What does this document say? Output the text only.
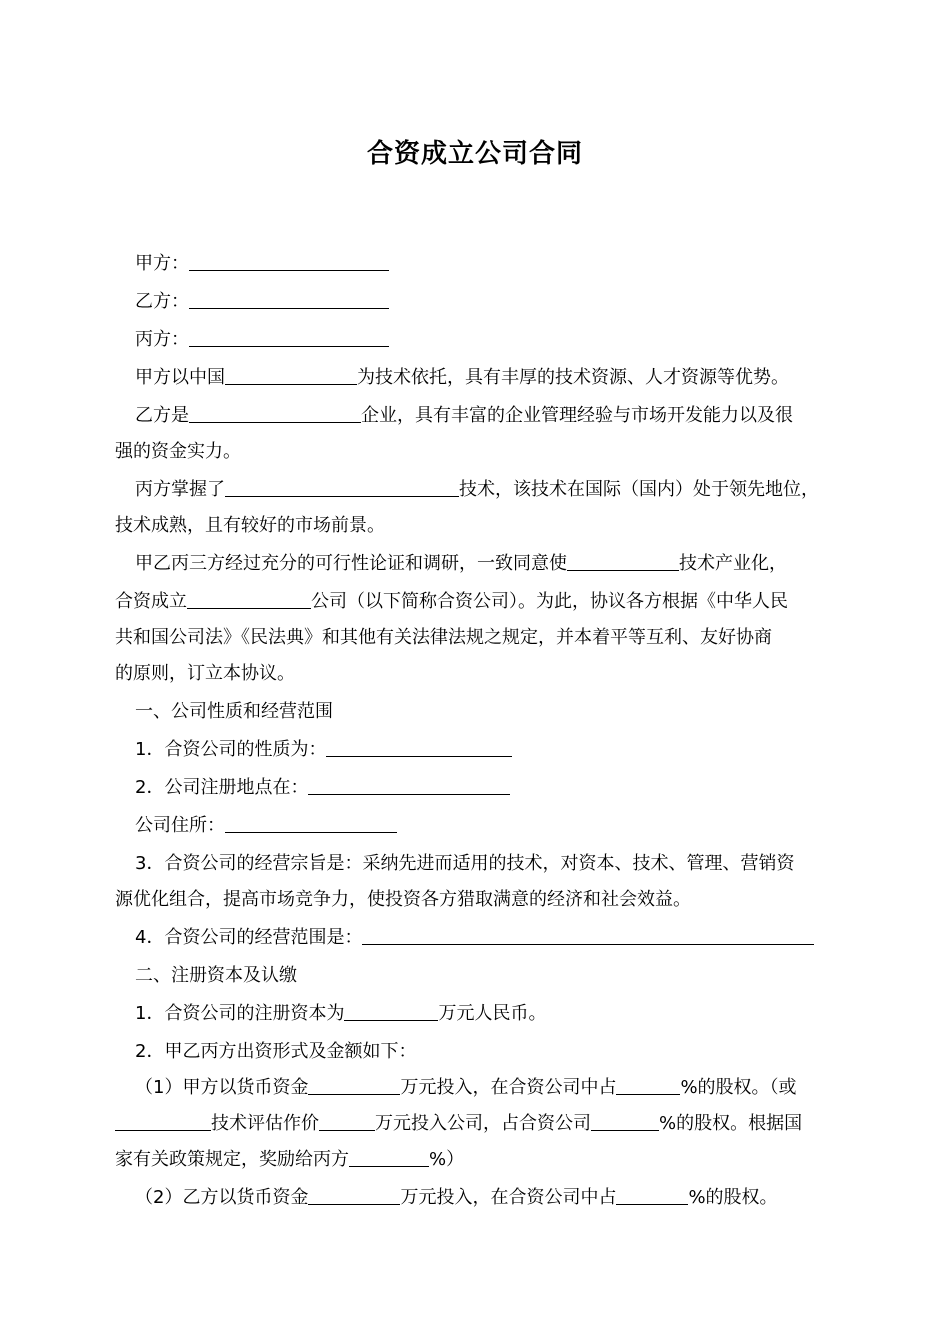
合资成立公司合同
甲方：
乙方：
丙方：
甲方以中国	为技术依托，具有丰厚的技术资源、人才资源等优势。
乙方是	企业，具有丰富的企业管理经验与市场开发能力以及很
强的资金实力。
丙方掌握了	技术，该技术在国际（国内）处于领先地位，
技术成熟，且有较好的市场前景。
甲乙丙三方经过充分的可行性论证和调研，一致同意使	技术产业化，
合资成立	公司（以下简称合资公司）。为此，协议各方根据《中华人民
共和国公司法》《民法典》和其他有关法律法规之规定，并本着平等互利、友好协商
的原则，订立本协议。
一、公司性质和经营范围
1．合资公司的性质为：
2．公司注册地点在：
公司住所：
3．合资公司的经营宗旨是：采纳先进而适用的技术，对资本、技术、管理、营销资
源优化组合，提高市场竞争力，使投资各方猎取满意的经济和社会效益。
4．合资公司的经营范围是：
二、注册资本及认缴
1．合资公司的注册资本为	万元人民币。
2．甲乙丙方出资形式及金额如下：
（1）甲方以货币资金	万元投入，在合资公司中占	%的股权。（或
技术评估作价	万元投入公司，占合资公司	%的股权。根据国
家有关政策规定，奖励给丙方	%）
（2）乙方以货币资金	万元投入，在合资公司中占	%的股权。
